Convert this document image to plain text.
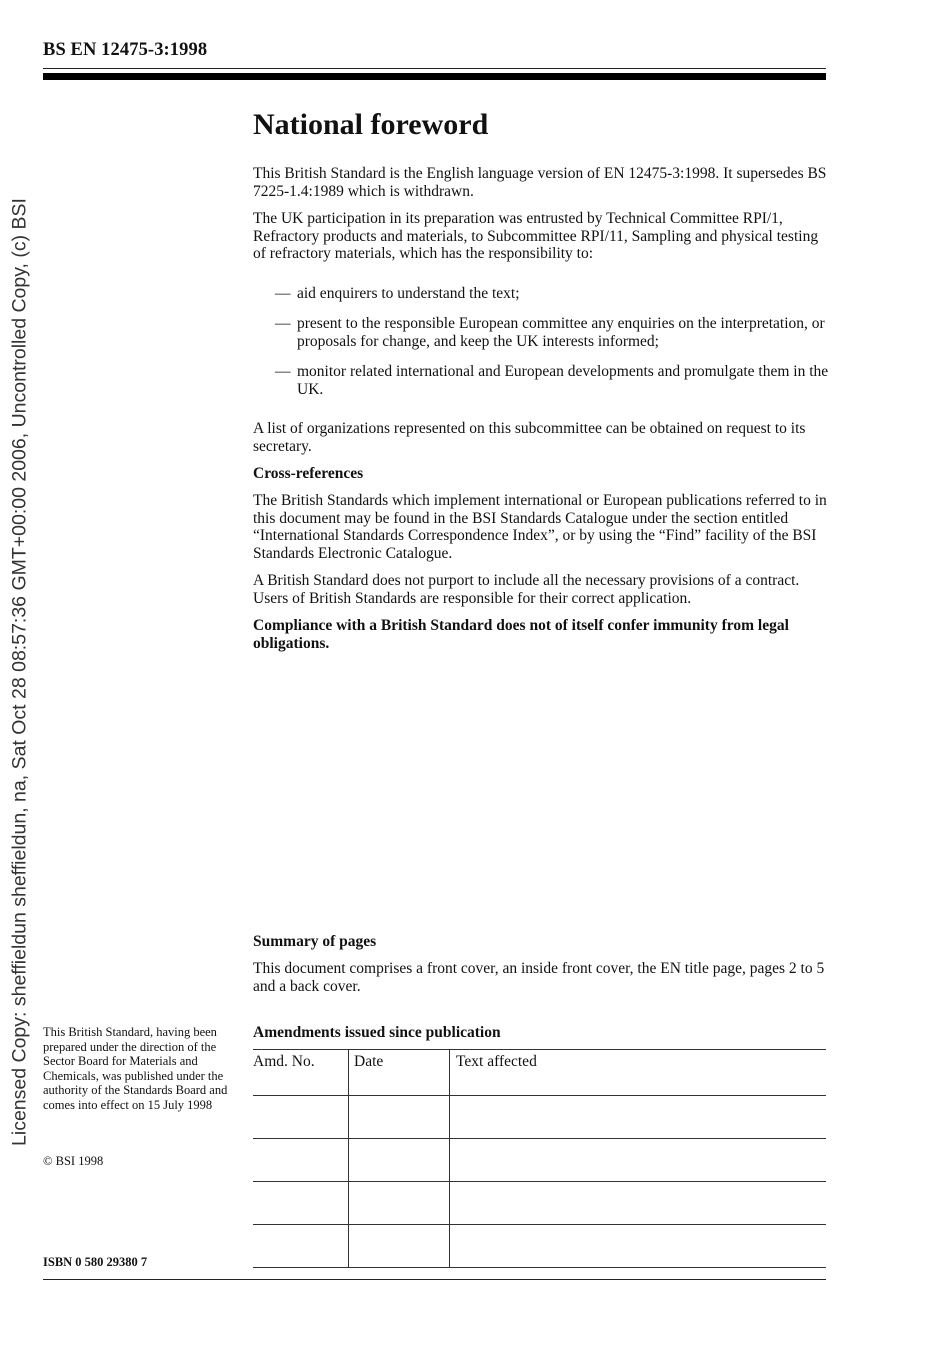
BS EN 12475-3:1998
Licensed Copy: sheffieldun sheffieldun, na, Sat Oct 28 08:57:36 GMT+00:00 2006, Uncontrolled Copy, (c) BSI
National foreword

This British Standard is the English language version of EN 12475-3:1998. It supersedes BS 7225-1.4:1989 which is withdrawn.

The UK participation in its preparation was entrusted by Technical Committee RPI/1, Refractory products and materials, to Subcommittee RPI/11, Sampling and physical testing of refractory materials, which has the responsibility to:

— aid enquirers to understand the text;
— present to the responsible European committee any enquiries on the interpretation, or proposals for change, and keep the UK interests informed;
— monitor related international and European developments and promulgate them in the UK.

A list of organizations represented on this subcommittee can be obtained on request to its secretary.

Cross-references

The British Standards which implement international or European publications referred to in this document may be found in the BSI Standards Catalogue under the section entitled “International Standards Correspondence Index”, or by using the “Find” facility of the BSI Standards Electronic Catalogue.

A British Standard does not purport to include all the necessary provisions of a contract. Users of British Standards are responsible for their correct application.

Compliance with a British Standard does not of itself confer immunity from legal obligations.

Summary of pages

This document comprises a front cover, an inside front cover, the EN title page, pages 2 to 5 and a back cover.

Amendments issued since publication

Amd. No.	Date	Text affected

This British Standard, having been prepared under the direction of the Sector Board for Materials and Chemicals, was published under the authority of the Standards Board and comes into effect on 15 July 1998
© BSI 1998
ISBN 0 580 29380 7
